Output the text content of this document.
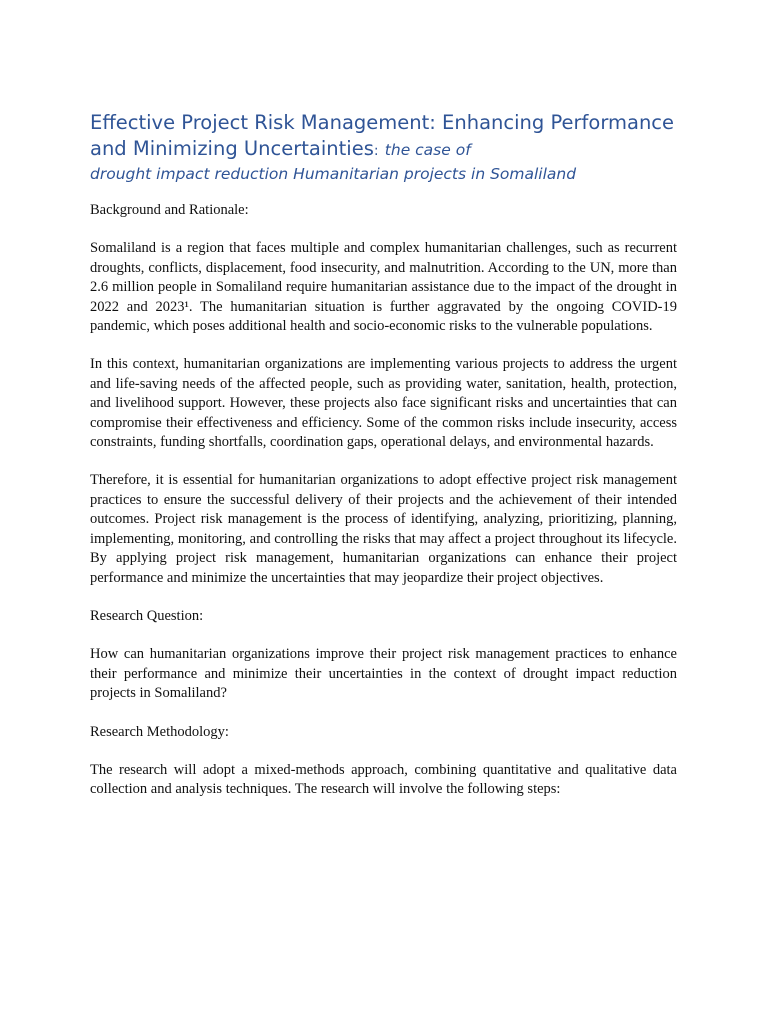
Effective Project Risk Management: Enhancing Performance and Minimizing Uncertainties: the case of
drought impact reduction Humanitarian projects in Somaliland

Background and Rationale:

Somaliland is a region that faces multiple and complex humanitarian challenges, such as recurrent droughts, conflicts, displacement, food insecurity, and malnutrition. According to the UN, more than 2.6 million people in Somaliland require humanitarian assistance due to the impact of the drought in 2022 and 2023¹. The humanitarian situation is further aggravated by the ongoing COVID-19 pandemic, which poses additional health and socio-economic risks to the vulnerable populations.

In this context, humanitarian organizations are implementing various projects to address the urgent and life-saving needs of the affected people, such as providing water, sanitation, health, protection, and livelihood support. However, these projects also face significant risks and uncertainties that can compromise their effectiveness and efficiency. Some of the common risks include insecurity, access constraints, funding shortfalls, coordination gaps, operational delays, and environmental hazards.

Therefore, it is essential for humanitarian organizations to adopt effective project risk management practices to ensure the successful delivery of their projects and the achievement of their intended outcomes. Project risk management is the process of identifying, analyzing, prioritizing, planning, implementing, monitoring, and controlling the risks that may affect a project throughout its lifecycle. By applying project risk management, humanitarian organizations can enhance their project performance and minimize the uncertainties that may jeopardize their project objectives.

Research Question:

How can humanitarian organizations improve their project risk management practices to enhance their performance and minimize their uncertainties in the context of drought impact reduction projects in Somaliland?

Research Methodology:

The research will adopt a mixed-methods approach, combining quantitative and qualitative data collection and analysis techniques. The research will involve the following steps:
